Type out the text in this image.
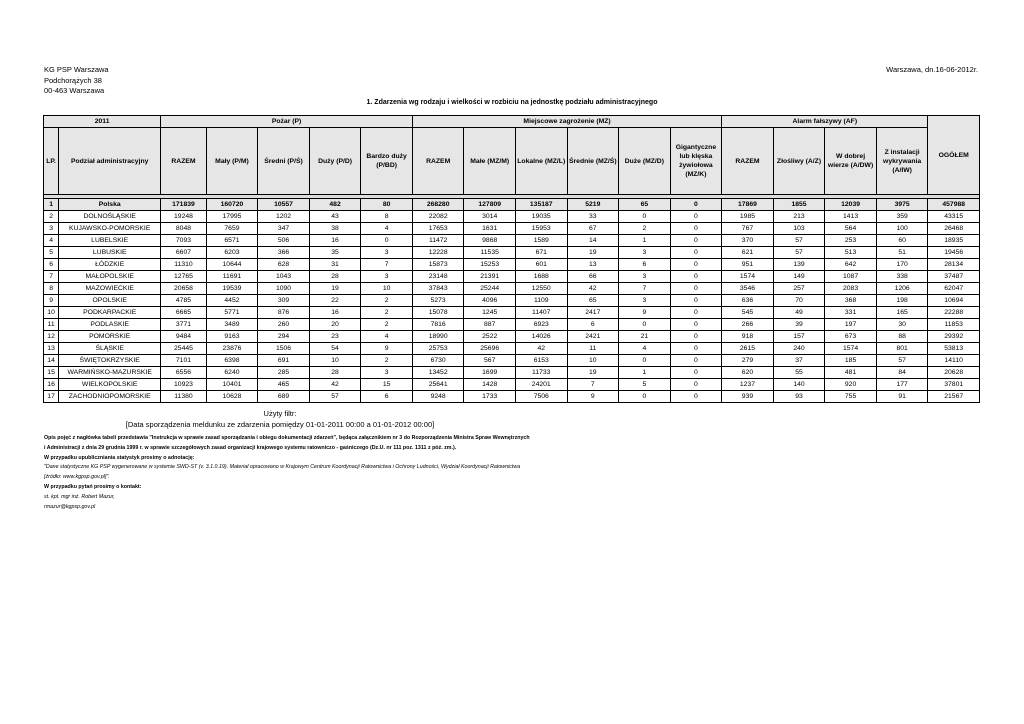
KG PSP Warszawa
Podchorążych 38
00-463 Warszawa
Warszawa, dn.16-06-2012r.
1. Zdarzenia wg rodzaju i wielkości w rozbiciu na jednostkę podziału administracyjnego
2011		Pożar (P)					Miejscowe zagrożenie (MZ)						Alarm fałszywy (AF)				OGÓŁEM
LP.	Podział administracyjny	RAZEM	Mały (P/M)	Średni (P/Ś)	Duży (P/D)	Bardzo duży (P/BD)	RAZEM	Małe (MZ/M)	Lokalne (MZ/L)	Średnie (MZ/Ś)	Duże (MZ/D)	Gigantyczne lub klęska żywiołowa (MZ/K)	RAZEM	Złośliwy (A/Z)	W dobrej wierze (A/DW)	Z instalacji wykrywania (A/IW)	

1	Polska	171839	160720	10557	482	80	268280	127809	135187	5219	65	0	17869	1855	12039	3975	457988
2	DOLNOŚLĄSKIE	19248	17995	1202	43	8	22082	3014	19035	33	0	0	1985	213	1413	359	43315
3	KUJAWSKO-POMORSKIE	8048	7659	347	38	4	17653	1631	15953	67	2	0	767	103	564	100	26468
4	LUBELSKIE	7093	6571	506	16	0	11472	9868	1589	14	1	0	370	57	253	60	18935
5	LUBUSKIE	6607	6203	366	35	3	12228	11535	671	19	3	0	621	57	513	51	19456
6	ŁÓDZKIE	11310	10644	628	31	7	15873	15253	601	13	6	0	951	139	642	170	28134
7	MAŁOPOLSKIE	12765	11691	1043	28	3	23148	21391	1688	66	3	0	1574	149	1087	338	37487
8	MAZOWIECKIE	20658	19539	1090	19	10	37843	25244	12550	42	7	0	3546	257	2083	1206	62047
9	OPOLSKIE	4785	4452	309	22	2	5273	4096	1109	65	3	0	636	70	368	198	10694
10	PODKARPACKIE	6665	5771	876	16	2	15078	1245	11407	2417	9	0	545	49	331	165	22288
11	PODLASKIE	3771	3489	260	20	2	7816	887	6923	6	0	0	266	39	197	30	11853
12	POMORSKIE	9484	9163	294	23	4	18990	2522	14026	2421	21	0	918	157	673	88	29392
13	ŚLĄSKIE	25445	23876	1506	54	9	25753	25696	42	11	4	0	2615	240	1574	801	53813
14	ŚWIĘTOKRZYSKIE	7101	6398	691	10	2	6730	567	6153	10	0	0	279	37	185	57	14110
15	WARMIŃSKO-MAZURSKIE	6556	6240	285	28	3	13452	1699	11733	19	1	0	620	55	481	84	20628
16	WIELKOPOLSKIE	10923	10401	465	42	15	25641	1428	24201	7	5	0	1237	140	920	177	37801
17	ZACHODNIOPOMORSKIE	11380	10628	689	57	6	9248	1733	7506	9	0	0	939	93	755	91	21567
Użyty filtr:
[Data sporządzenia meldunku ze zdarzenia pomiędzy 01-01-2011 00:00 a 01-01-2012 00:00]
Opis pojęć z nagłówka tabeli przedstawia "Instrukcja w sprawie zasad sporządzania i obiegu dokumentacji zdarzeń", będąca załącznikiem nr 3 do Rozporządzenia Ministra Spraw Wewnętrznych
i Administracji z dnia 29 grudnia 1999 r. w sprawie szczegółowych zasad organizacji krajowego systemu ratowniczo - gaśniczego (Dz.U. nr 111 poz. 1311 z póź. zm.).
W przypadku upubliczniania statystyk prosimy o adnotację:
"Dane statystyczne KG PSP wygenerowane w systemie SWD-ST (v. 3.1.0.19). Materiał opracowano w Krajowym Centrum Koordynacji Ratownictwa i Ochrony Ludności, Wydział Koordynacji Ratownictwa
[źródło: www.kgpsp.gov.pl]".
W przypadku pytań prosimy o kontakt:
st. kpt. mgr inż. Robert Mazur,
rmazur@kgpsp.gov.pl
